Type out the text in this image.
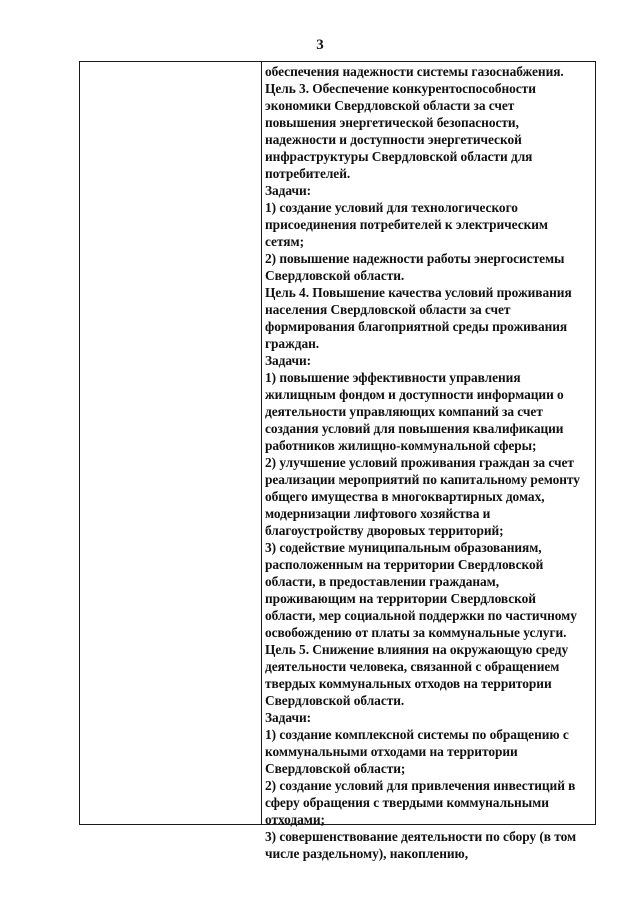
3
обеспечения надежности системы газоснабжения.
Цель 3. Обеспечение конкурентоспособности
экономики Свердловской области за счет
повышения энергетической безопасности,
надежности и доступности энергетической
инфраструктуры Свердловской области для
потребителей.
Задачи:
1) создание условий для технологического
присоединения потребителей к электрическим
сетям;
2) повышение надежности работы энергосистемы
Свердловской области.
Цель 4. Повышение качества условий проживания
населения Свердловской области за счет
формирования благоприятной среды проживания
граждан.
Задачи:
1) повышение эффективности управления
жилищным фондом и доступности информации о
деятельности управляющих компаний за счет
создания условий для повышения квалификации
работников жилищно-коммунальной сферы;
2) улучшение условий проживания граждан за счет
реализации мероприятий по капитальному ремонту
общего имущества в многоквартирных домах,
модернизации лифтового хозяйства и
благоустройству дворовых территорий;
3) содействие муниципальным образованиям,
расположенным на территории Свердловской
области, в предоставлении гражданам,
проживающим на территории Свердловской
области, мер социальной поддержки по частичному
освобождению от платы за коммунальные услуги.
Цель 5. Снижение влияния на окружающую среду
деятельности человека, связанной с обращением
твердых коммунальных отходов на территории
Свердловской области.
Задачи:
1) создание комплексной системы по обращению с
коммунальными отходами на территории
Свердловской области;
2) создание условий для привлечения инвестиций в
сферу обращения с твердыми коммунальными
отходами;
3) совершенствование деятельности по сбору (в том
числе раздельному), накоплению,
